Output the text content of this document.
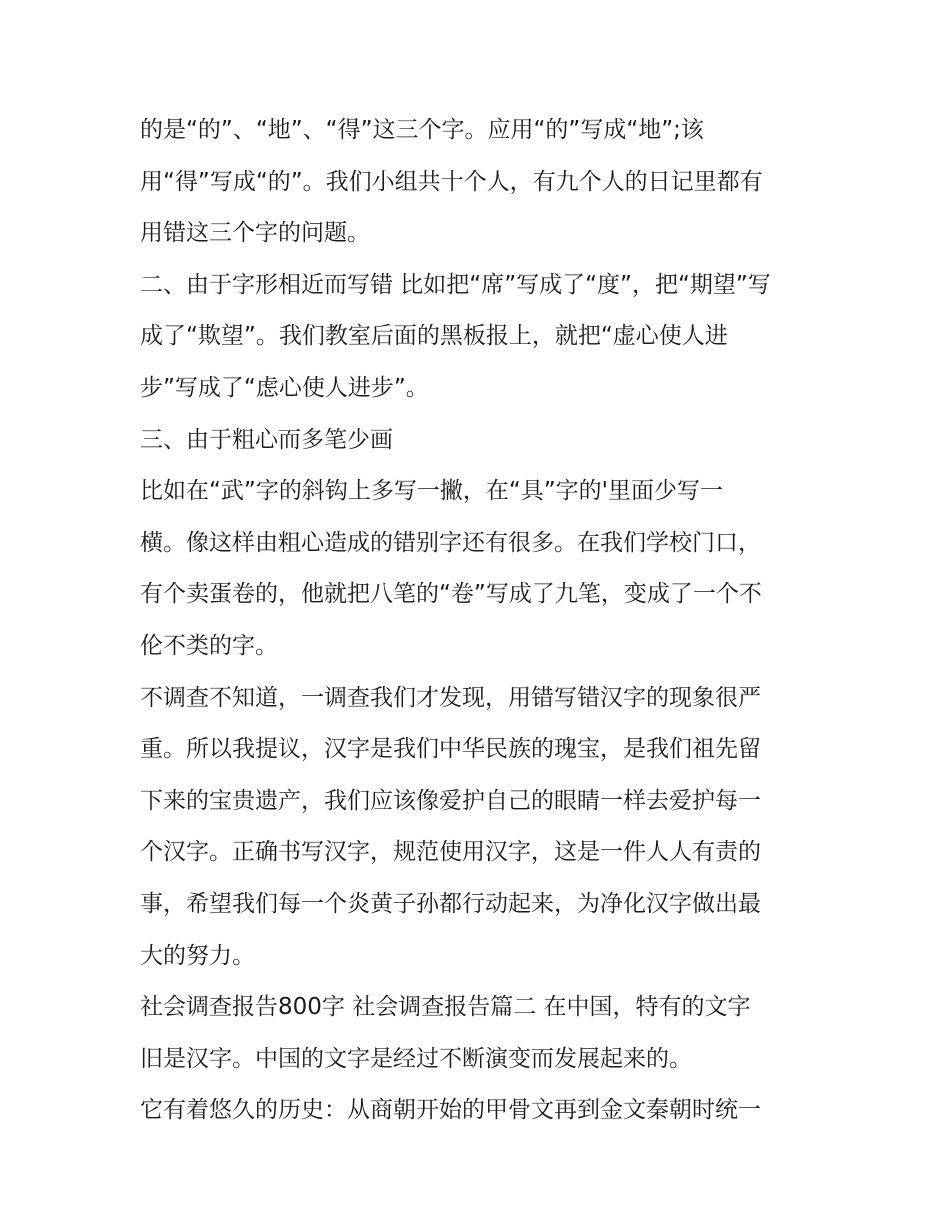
的是“的”、“地”、“得”这三个字。应用“的”写成“地”;该
用“得”写成“的”。我们小组共十个人，有九个人的日记里都有
用错这三个字的问题。
二、由于字形相近而写错 比如把“席”写成了“度”，把“期望”写
成了“欺望”。我们教室后面的黑板报上，就把“虚心使人进
步”写成了“虑心使人进步”。
三、由于粗心而多笔少画
比如在“武”字的斜钩上多写一撇，在“具”字的'里面少写一
横。像这样由粗心造成的错别字还有很多。在我们学校门口，
有个卖蛋卷的，他就把八笔的“卷”写成了九笔，变成了一个不
伦不类的字。
不调查不知道，一调查我们才发现，用错写错汉字的现象很严
重。所以我提议，汉字是我们中华民族的瑰宝，是我们祖先留
下来的宝贵遗产，我们应该像爱护自己的眼睛一样去爱护每一
个汉字。正确书写汉字，规范使用汉字，这是一件人人有责的
事，希望我们每一个炎黄子孙都行动起来，为净化汉字做出最
大的努力。
社会调查报告800字 社会调查报告篇二 在中国，特有的文字
旧是汉字。中国的文字是经过不断演变而发展起来的。
它有着悠久的历史：从商朝开始的甲骨文再到金文秦朝时统一
